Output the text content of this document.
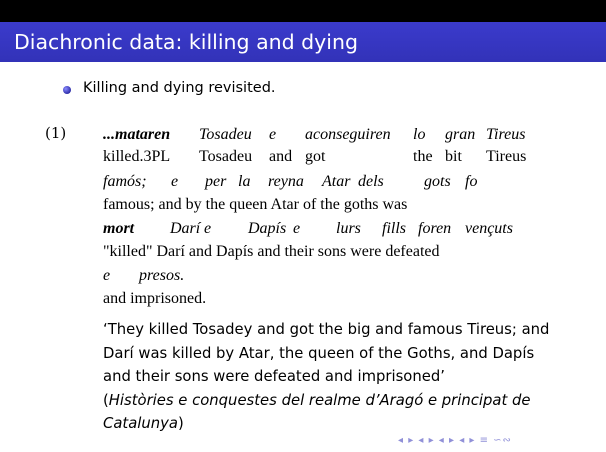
Diachronic data: killing and dying
Killing and dying revisited.
(1) ...mataren Tosadeu e aconseguiren lo gran Tireus
killed.3PL Tosadeu and got	the bit Tireus
famós; e per la reyna Atar dels	gots fo
famous; and by the queen Atar of the goths was
mort Darí e Dapís e lurs fills foren vençuts
"killed" Darí and Dapís and their sons were defeated
e presos.
and imprisoned.
‘They killed Tosadey and got the big and famous Tireus; and Darí was killed by Atar, the queen of the Goths, and Dapís and their sons were defeated and imprisoned’
(Històries e conquestes del realme d’Aragó e principat de Catalunya)
◂ ▸ ◂ ▸ ◂ ▸ ◂ ▸ ≡ ∽∾
